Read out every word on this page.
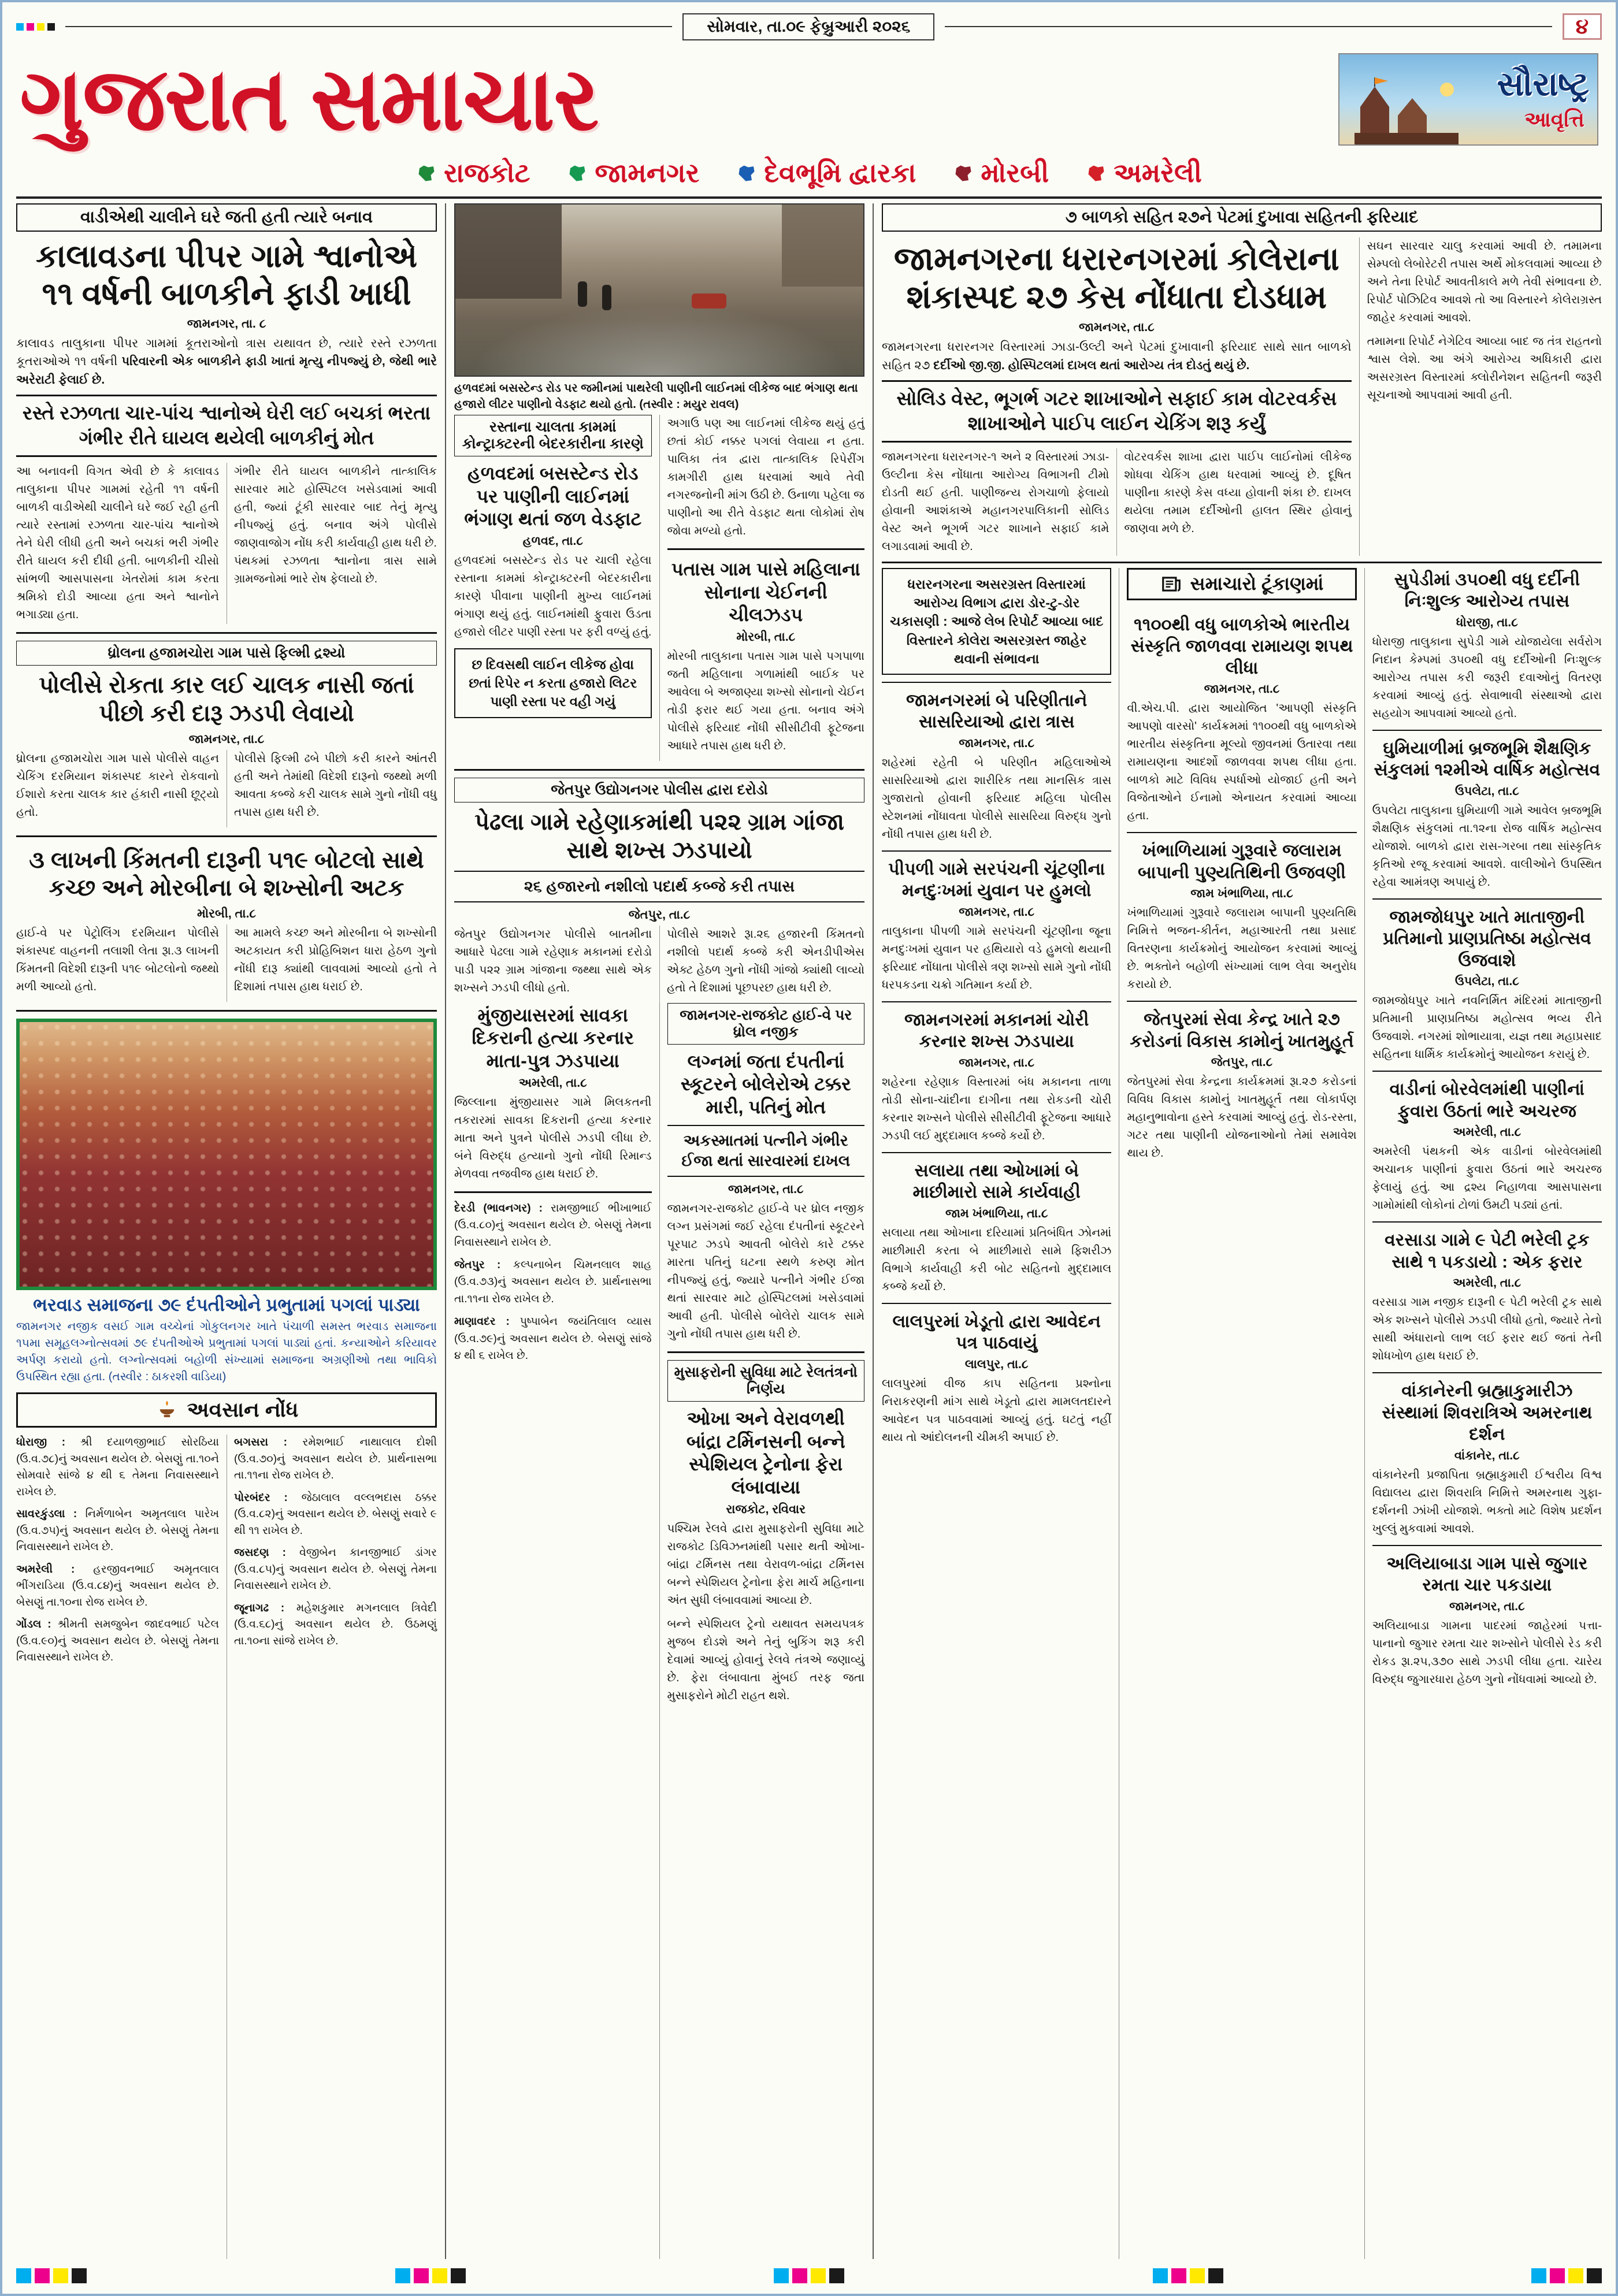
સોમવાર, તા.૦૯ ફેબ્રુઆરી ૨૦૨૬	૪
ગુજરાત સમાચાર	સૌરાષ્ટ્ર
આવૃત્તિ
રાજકોટ જામનગર દેવભૂમિ દ્વારકા મોરબી અમરેલી
વાડીએથી ચાલીને ઘરે જતી હતી ત્યારે બનાવ
કાલાવડના પીપર ગામે શ્વાનોએ ૧૧ વર્ષની બાળકીને ફાડી ખાધી
જામનગર, તા. ૮

કાલાવડ તાલુકાના પીપર ગામમાં કૂતરાઓનો ત્રાસ યથાવત છે, ત્યારે રસ્તે રઝળતા કૂતરાઓએ ૧૧ વર્ષની પરિવારની એક બાળકીને ફાડી ખાતાં મૃત્યુ નીપજ્યું છે, જેથી ભારે અરેરાટી ફેલાઈ છે.

રસ્તે રઝળતા ચાર-પાંચ શ્વાનોએ ઘેરી લઈ બચકાં ભરતા ગંભીર રીતે ઘાયલ થયેલી બાળકીનું મોત

આ બનાવની વિગત એવી છે કે કાલાવડ તાલુકાના પીપર ગામમાં રહેતી ૧૧ વર્ષની બાળકી વાડીએથી ચાલીને ઘરે જઈ રહી હતી ત્યારે રસ્તામાં રઝળતા ચાર-પાંચ શ્વાનોએ તેને ઘેરી લીધી હતી અને બચકાં ભરી ગંભીર રીતે ઘાયલ કરી દીધી હતી. બાળકીની ચીસો સાંભળી આસપાસના ખેતરોમાં કામ કરતા શ્રમિકો દોડી આવ્યા હતા અને શ્વાનોને ભગાડ્યા હતા.

ગંભીર રીતે ઘાયલ બાળકીને તાત્કાલિક સારવાર માટે હોસ્પિટલ ખસેડવામાં આવી હતી, જ્યાં ટૂંકી સારવાર બાદ તેનું મૃત્યુ નીપજ્યું હતું. બનાવ અંગે પોલીસે જાણવાજોગ નોંધ કરી કાર્યવાહી હાથ ધરી છે. પંથકમાં રઝળતા શ્વાનોના ત્રાસ સામે ગ્રામજનોમાં ભારે રોષ ફેલાયો છે.

ધ્રોલના હજામચોરા ગામ પાસે ફિલ્મી દ્રશ્યો
પોલીસે રોકતા કાર લઈ ચાલક નાસી જતાં પીછો કરી દારૂ ઝડપી લેવાયો
જામનગર, તા.૮

ધ્રોલના હજામચોરા ગામ પાસે પોલીસે વાહન ચેકિંગ દરમિયાન શંકાસ્પદ કારને રોકવાનો ઈશારો કરતા ચાલક કાર હંકારી નાસી છૂટ્યો હતો.

પોલીસે ફિલ્મી ઢબે પીછો કરી કારને આંતરી હતી અને તેમાંથી વિદેશી દારૂનો જથ્થો મળી આવતા કબ્જે કરી ચાલક સામે ગુનો નોંધી વધુ તપાસ હાથ ધરી છે.

૩ લાખની કિંમતની દારૂની ૫૧૯ બોટલો સાથે કચ્છ અને મોરબીના બે શખ્સોની અટક
મોરબી, તા.૮

હાઈ-વે પર પેટ્રોલિંગ દરમિયાન પોલીસે શંકાસ્પદ વાહનની તલાશી લેતા રૂા.૩ લાખની કિંમતની વિદેશી દારૂની ૫૧૯ બોટલોનો જથ્થો મળી આવ્યો હતો.

આ મામલે કચ્છ અને મોરબીના બે શખ્સોની અટકાયત કરી પ્રોહિબિશન ધારા હેઠળ ગુનો નોંધી દારૂ ક્યાંથી લાવવામાં આવ્યો હતો તે દિશામાં તપાસ હાથ ધરાઈ છે.

ભરવાડ સમાજના ૭૯ દંપતીઓને પ્રભુતામાં પગલાં પાડ્યા
જામનગર નજીક વસઈ ગામ વચ્ચેનાં ગોકુલનગર ખાતે પંચાળી સમસ્ત ભરવાડ સમાજના ૧૫મા સમૂહલગ્નોત્સવમાં ૭૯ દંપતીઓએ પ્રભુતામાં પગલાં પાડ્યાં હતાં. કન્યાઓને કરિયાવર અર્પણ કરાયો હતો. લગ્નોત્સવમાં બહોળી સંખ્યામાં સમાજના અગ્રણીઓ તથા ભાવિકો ઉપસ્થિત રહ્યા હતા. (તસ્વીર : ઠાકરશી વાડિયા)
અવસાન નોંધ

ધોરાજી : શ્રી દયાળજીભાઈ સોરઠિયા (ઉ.વ.૭૮)નું અવસાન થયેલ છે. બેસણું તા.૧૦ને સોમવારે સાંજે ૪ થી ૬ તેમના નિવાસસ્થાને રાખેલ છે.

સાવરકુંડલા : નિર્મળાબેન અમૃતલાલ પારેખ (ઉ.વ.૭૫)નું અવસાન થયેલ છે. બેસણું તેમના નિવાસસ્થાને રાખેલ છે.

અમરેલી : હરજીવનભાઈ અમૃતલાલ ભીંગરાડિયા (ઉ.વ.૮૪)નું અવસાન થયેલ છે. બેસણું તા.૧૦ના રોજ રાખેલ છે.

ગોંડલ : શ્રીમતી સમજુબેન જાદવભાઈ પટેલ (ઉ.વ.૯૦)નું અવસાન થયેલ છે. બેસણું તેમના નિવાસસ્થાને રાખેલ છે.

બગસરા : રમેશભાઈ નાથાલાલ દોશી (ઉ.વ.૭૦)નું અવસાન થયેલ છે. પ્રાર્થનાસભા તા.૧૧ના રોજ રાખેલ છે.

પોરબંદર : જેઠાલાલ વલ્લભદાસ ઠક્કર (ઉ.વ.૮૨)નું અવસાન થયેલ છે. બેસણું સવારે ૯ થી ૧૧ રાખેલ છે.

જસદણ : વેજીબેન કાનજીભાઈ ડાંગર (ઉ.વ.૮૫)નું અવસાન થયેલ છે. બેસણું તેમના નિવાસસ્થાને રાખેલ છે.

જૂનાગઢ : મહેશકુમાર મગનલાલ ત્રિવેદી (ઉ.વ.૬૮)નું અવસાન થયેલ છે. ઉઠમણું તા.૧૦ના સાંજે રાખેલ છે.

હળવદમાં બસસ્ટેન્ડ રોડ પર જમીનમાં પાથરેલી પાણીની લાઈનમાં લીકેજ બાદ ભંગાણ થતા હજારો લીટર પાણીનો વેડફાટ થયો હતો. (તસ્વીર : મયુર રાવલ)
રસ્તાના ચાલતા કામમાં કોન્ટ્રાક્ટરની બેદરકારીના કારણે
હળવદમાં બસસ્ટેન્ડ રોડ પર પાણીની લાઈનમાં ભંગાણ થતાં જળ વેડફાટ
હળવદ, તા.૮

હળવદમાં બસસ્ટેન્ડ રોડ પર ચાલી રહેલા રસ્તાના કામમાં કોન્ટ્રાક્ટરની બેદરકારીના કારણે પીવાના પાણીની મુખ્ય લાઈનમાં ભંગાણ થયું હતું. લાઈનમાંથી ફુવારા ઉડતા હજારો લીટર પાણી રસ્તા પર ફરી વળ્યું હતું.

છ દિવસથી લાઈન લીકેજ હોવા છતાં રિપેર ન કરતા હજારો લિટર પાણી રસ્તા પર વહી ગયું

અગાઉ પણ આ લાઈનમાં લીકેજ થયું હતું છતાં કોઈ નક્કર પગલાં લેવાયા ન હતા. પાલિકા તંત્ર દ્વારા તાત્કાલિક રિપેરીંગ કામગીરી હાથ ધરવામાં આવે તેવી નગરજનોની માંગ ઉઠી છે. ઉનાળા પહેલા જ પાણીનો આ રીતે વેડફાટ થતા લોકોમાં રોષ જોવા મળ્યો હતો.

પતાસ ગામ પાસે મહિલાના સોનાના ચેઈનની ચીલઝડપ
મોરબી, તા.૮

મોરબી તાલુકાના પતાસ ગામ પાસે પગપાળા જતી મહિલાના ગળામાંથી બાઈક પર આવેલા બે અજાણ્યા શખ્સો સોનાનો ચેઈન તોડી ફરાર થઈ ગયા હતા. બનાવ અંગે પોલીસે ફરિયાદ નોંધી સીસીટીવી ફૂટેજના આધારે તપાસ હાથ ધરી છે.

જેતપુર ઉદ્યોગનગર પોલીસ દ્વારા દરોડો
પેઢલા ગામે રહેણાકમાંથી ૫૨૨ ગ્રામ ગાંજા સાથે શખ્સ ઝડપાયો
૨૬ હજારનો નશીલો પદાર્થ કબ્જે કરી તપાસ
જેતપુર, તા.૮

જેતપુર ઉદ્યોગનગર પોલીસે બાતમીના આધારે પેઢલા ગામે રહેણાક મકાનમાં દરોડો પાડી ૫૨૨ ગ્રામ ગાંજાના જથ્થા સાથે એક શખ્સને ઝડપી લીધો હતો.

પોલીસે આશરે રૂા.૨૬ હજારની કિંમતનો નશીલો પદાર્થ કબ્જે કરી એનડીપીએસ એક્ટ હેઠળ ગુનો નોંધી ગાંજો ક્યાંથી લાવ્યો હતો તે દિશામાં પૂછપરછ હાથ ધરી છે.

મુંજીયાસરમાં સાવકા દિકરાની હત્યા કરનાર માતા-પુત્ર ઝડપાયા
અમરેલી, તા.૮

જિલ્લાના મુંજીયાસર ગામે મિલકતની તકરારમાં સાવકા દિકરાની હત્યા કરનાર માતા અને પુત્રને પોલીસે ઝડપી લીધા છે. બંને વિરુદ્ધ હત્યાનો ગુનો નોંધી રિમાન્ડ મેળવવા તજવીજ હાથ ધરાઈ છે.

દેરડી (ભાવનગર) : રામજીભાઈ ભીખાભાઈ (ઉ.વ.૮૦)નું અવસાન થયેલ છે. બેસણું તેમના નિવાસસ્થાને રાખેલ છે.

જેતપુર : કલ્પનાબેન ચિમનલાલ શાહ (ઉ.વ.૭૩)નું અવસાન થયેલ છે. પ્રાર્થનાસભા તા.૧૧ના રોજ રાખેલ છે.

માણાવદર : પુષ્પાબેન જયંતિલાલ વ્યાસ (ઉ.વ.૭૯)નું અવસાન થયેલ છે. બેસણું સાંજે ૪ થી ૬ રાખેલ છે.

જામનગર-રાજકોટ હાઈ-વે પર ધ્રોલ નજીક
લગ્નમાં જતા દંપતીનાં સ્કૂટરને બોલેરોએ ટક્કર મારી, પતિનું મોત
અકસ્માતમાં પત્નીને ગંભીર ઈજા થતાં સારવારમાં દાખલ
જામનગર, તા.૮

જામનગર-રાજકોટ હાઈ-વે પર ધ્રોલ નજીક લગ્ન પ્રસંગમાં જઈ રહેલા દંપતીનાં સ્કૂટરને પૂરપાટ ઝડપે આવતી બોલેરો કારે ટક્કર મારતા પતિનું ઘટના સ્થળે કરુણ મોત નીપજ્યું હતું, જ્યારે પત્નીને ગંભીર ઈજા થતાં સારવાર માટે હોસ્પિટલમાં ખસેડવામાં આવી હતી. પોલીસે બોલેરો ચાલક સામે ગુનો નોંધી તપાસ હાથ ધરી છે.

મુસાફરોની સુવિધા માટે રેલતંત્રનો નિર્ણય
ઓખા અને વેરાવળથી બાંદ્રા ટર્મિનસની બન્ને સ્પેશિયલ ટ્રેનોના ફેરા લંબાવાયા
રાજકોટ, રવિવાર

પશ્ચિમ રેલવે દ્વારા મુસાફરોની સુવિધા માટે રાજકોટ ડિવિઝનમાંથી પસાર થતી ઓખા-બાંદ્રા ટર્મિનસ તથા વેરાવળ-બાંદ્રા ટર્મિનસ બન્ને સ્પેશિયલ ટ્રેનોના ફેરા માર્ચ મહિનાના અંત સુધી લંબાવવામાં આવ્યા છે.

બન્ને સ્પેશિયલ ટ્રેનો યથાવત સમયપત્રક મુજબ દોડશે અને તેનું બુકિંગ શરૂ કરી દેવામાં આવ્યું હોવાનું રેલવે તંત્રએ જણાવ્યું છે. ફેરા લંબાવાતા મુંબઈ તરફ જતા મુસાફરોને મોટી રાહત થશે.

૭ બાળકો સહિત ૨૭ને પેટમાં દુખાવા સહિતની ફરિયાદ
જામનગરના ધરારનગરમાં કોલેરાના શંકાસ્પદ ૨૭ કેસ નોંધાતા દોડધામ
જામનગર, તા.૮

જામનગરના ધરારનગર વિસ્તારમાં ઝાડા-ઉલ્ટી અને પેટમાં દુખાવાની ફરિયાદ સાથે સાત બાળકો સહિત ૨૭ દર્દીઓ જી.જી. હોસ્પિટલમાં દાખલ થતાં આરોગ્ય તંત્ર દોડતું થયું છે.

સોલિડ વેસ્ટ, ભૂગર્ભ ગટર શાખાઓને સફાઈ કામ વોટરવર્કસ શાખાઓને પાઈપ લાઈન ચેકિંગ શરૂ કર્યું

જામનગરના ધરારનગર-૧ અને ૨ વિસ્તારમાં ઝાડા-ઉલ્ટીના કેસ નોંધાતા આરોગ્ય વિભાગની ટીમો દોડતી થઈ હતી. પાણીજન્ય રોગચાળો ફેલાયો હોવાની આશંકાએ મહાનગરપાલિકાની સોલિડ વેસ્ટ અને ભૂગર્ભ ગટર શાખાને સફાઈ કામે લગાડવામાં આવી છે.

વોટરવર્કસ શાખા દ્વારા પાઈપ લાઈનોમાં લીકેજ શોધવા ચેકિંગ હાથ ધરવામાં આવ્યું છે. દૂષિત પાણીના કારણે કેસ વધ્યા હોવાની શંકા છે. દાખલ થયેલા તમામ દર્દીઓની હાલત સ્થિર હોવાનું જાણવા મળે છે.

સઘન સારવાર ચાલુ કરવામાં આવી છે. તમામના સેમ્પલો લેબોરેટરી તપાસ અર્થે મોકલવામાં આવ્યા છે અને તેના રિપોર્ટ આવતીકાલે મળે તેવી સંભાવના છે. રિપોર્ટ પોઝિટિવ આવશે તો આ વિસ્તારને કોલેરાગ્રસ્ત જાહેર કરવામાં આવશે.

તમામના રિપોર્ટ નેગેટિવ આવ્યા બાદ જ તંત્ર રાહતનો શ્વાસ લેશે. આ અંગે આરોગ્ય અધિકારી દ્વારા અસરગ્રસ્ત વિસ્તારમાં ક્લોરીનેશન સહિતની જરૂરી સૂચનાઓ આપવામાં આવી હતી.

ધરારનગરના અસરગ્રસ્ત વિસ્તારમાં આરોગ્ય વિભાગ દ્વારા ડોર-ટુ-ડોર ચકાસણી : આજે લેબ રિપોર્ટ આવ્યા બાદ વિસ્તારને કોલેરા અસરગ્રસ્ત જાહેર થવાની સંભાવના
જામનગરમાં બે પરિણીતાને સાસરિયાઓ દ્વારા ત્રાસ
જામનગર, તા.૮

શહેરમાં રહેતી બે પરિણીત મહિલાઓએ સાસરિયાઓ દ્વારા શારીરિક તથા માનસિક ત્રાસ ગુજારાતો હોવાની ફરિયાદ મહિલા પોલીસ સ્ટેશનમાં નોંધાવતા પોલીસે સાસરિયા વિરુદ્ધ ગુનો નોંધી તપાસ હાથ ધરી છે.

પીપળી ગામે સરપંચની ચૂંટણીના મનદુઃખમાં યુવાન પર હુમલો
જામનગર, તા.૮

તાલુકાના પીપળી ગામે સરપંચની ચૂંટણીના જૂના મનદુઃખમાં યુવાન પર હથિયારો વડે હુમલો થયાની ફરિયાદ નોંધાતા પોલીસે ત્રણ શખ્સો સામે ગુનો નોંધી ધરપકડના ચક્રો ગતિમાન કર્યા છે.

જામનગરમાં મકાનમાં ચોરી કરનાર શખ્સ ઝડપાયા
જામનગર, તા.૮

શહેરના રહેણાક વિસ્તારમાં બંધ મકાનના તાળા તોડી સોના-ચાંદીના દાગીના તથા રોકડની ચોરી કરનાર શખ્સને પોલીસે સીસીટીવી ફૂટેજના આધારે ઝડપી લઈ મુદ્દામાલ કબ્જે કર્યો છે.

સલાયા તથા ઓખામાં બે માછીમારો સામે કાર્યવાહી
જામ ખંભાળિયા, તા.૮

સલાયા તથા ઓખાના દરિયામાં પ્રતિબંધિત ઝોનમાં માછીમારી કરતા બે માછીમારો સામે ફિશરીઝ વિભાગે કાર્યવાહી કરી બોટ સહિતનો મુદ્દામાલ કબ્જે કર્યો છે.

લાલપુરમાં ખેડૂતો દ્વારા આવેદન પત્ર પાઠવાયું
લાલપુર, તા.૮

લાલપુરમાં વીજ કાપ સહિતના પ્રશ્નોના નિરાકરણની માંગ સાથે ખેડૂતો દ્વારા મામલતદારને આવેદન પત્ર પાઠવવામાં આવ્યું હતું. ઘટતું નહીં થાય તો આંદોલનની ચીમકી અપાઈ છે.

સમાચારો ટૂંકાણમાં
૧૧૦૦થી વધુ બાળકોએ ભારતીય સંસ્કૃતિ જાળવવા રામાયણ શપથ લીધા
જામનગર, તા.૮

વી.એચ.પી. દ્વારા આયોજિત 'આપણી સંસ્કૃતિ આપણો વારસો' કાર્યક્રમમાં ૧૧૦૦થી વધુ બાળકોએ ભારતીય સંસ્કૃતિના મૂલ્યો જીવનમાં ઉતારવા તથા રામાયણના આદર્શો જાળવવા શપથ લીધા હતા. બાળકો માટે વિવિધ સ્પર્ધાઓ યોજાઈ હતી અને વિજેતાઓને ઈનામો એનાયત કરવામાં આવ્યા હતા.

ખંભાળિયામાં ગુરૂવારે જલારામ બાપાની પુણ્યતિથિની ઉજવણી
જામ ખંભાળિયા, તા.૮

ખંભાળિયામાં ગુરૂવારે જલારામ બાપાની પુણ્યતિથિ નિમિત્તે ભજન-કીર્તન, મહાઆરતી તથા પ્રસાદ વિતરણના કાર્યક્રમોનું આયોજન કરવામાં આવ્યું છે. ભક્તોને બહોળી સંખ્યામાં લાભ લેવા અનુરોધ કરાયો છે.

જેતપુરમાં સેવા કેન્દ્ર ખાતે ૨૭ કરોડનાં વિકાસ કામોનું ખાતમુહૂર્ત
જેતપુર, તા.૮

જેતપુરમાં સેવા કેન્દ્રના કાર્યક્રમમાં રૂા.૨૭ કરોડનાં વિવિધ વિકાસ કામોનું ખાતમુહૂર્ત તથા લોકાર્પણ મહાનુભાવોના હસ્તે કરવામાં આવ્યું હતું. રોડ-રસ્તા, ગટર તથા પાણીની યોજનાઓનો તેમાં સમાવેશ થાય છે.

સુપેડીમાં ૩૫૦થી વધુ દર્દીની નિઃશુલ્ક આરોગ્ય તપાસ
ધોરાજી, તા.૮

ધોરાજી તાલુકાના સુપેડી ગામે યોજાયેલા સર્વરોગ નિદાન કેમ્પમાં ૩૫૦થી વધુ દર્દીઓની નિઃશુલ્ક આરોગ્ય તપાસ કરી જરૂરી દવાઓનું વિતરણ કરવામાં આવ્યું હતું. સેવાભાવી સંસ્થાઓ દ્વારા સહયોગ આપવામાં આવ્યો હતો.

ઘુમિયાળીમાં બ્રજભૂમિ શૈક્ષણિક સંકુલમાં ૧૨મીએ વાર્ષિક મહોત્સવ
ઉપલેટા, તા.૮

ઉપલેટા તાલુકાના ઘુમિયાળી ગામે આવેલ બ્રજભૂમિ શૈક્ષણિક સંકુલમાં તા.૧૨ના રોજ વાર્ષિક મહોત્સવ યોજાશે. બાળકો દ્વારા રાસ-ગરબા તથા સાંસ્કૃતિક કૃતિઓ રજૂ કરવામાં આવશે. વાલીઓને ઉપસ્થિત રહેવા આમંત્રણ અપાયું છે.

જામજોધપુર ખાતે માતાજીની પ્રતિમાનો પ્રાણપ્રતિષ્ઠા મહોત્સવ ઉજવાશે
ઉપલેટા, તા.૮

જામજોધપુર ખાતે નવનિર્મિત મંદિરમાં માતાજીની પ્રતિમાની પ્રાણપ્રતિષ્ઠા મહોત્સવ ભવ્ય રીતે ઉજવાશે. નગરમાં શોભાયાત્રા, યજ્ઞ તથા મહાપ્રસાદ સહિતના ધાર્મિક કાર્યક્રમોનું આયોજન કરાયું છે.

વાડીનાં બોરવેલમાંથી પાણીનાં ફુવારા ઉઠતાં ભારે અચરજ
અમરેલી, તા.૮

અમરેલી પંથકની એક વાડીનાં બોરવેલમાંથી અચાનક પાણીનાં ફુવારા ઉઠતાં ભારે અચરજ ફેલાયું હતું. આ દ્રશ્ય નિહાળવા આસપાસના ગામોમાંથી લોકોનાં ટોળાં ઉમટી પડ્યાં હતાં.

વરસાડા ગામે ૯ પેટી ભરેલી ટ્રક સાથે ૧ પકડાયો : એક ફરાર
અમરેલી, તા.૮

વરસાડા ગામ નજીક દારૂની ૯ પેટી ભરેલી ટ્રક સાથે એક શખ્સને પોલીસે ઝડપી લીધો હતો, જ્યારે તેનો સાથી અંધારાનો લાભ લઈ ફરાર થઈ જતાં તેની શોધખોળ હાથ ધરાઈ છે.

વાંકાનેરની બ્રહ્માકુમારીઝ સંસ્થામાં શિવરાત્રિએ અમરનાથ દર્શન
વાંકાનેર, તા.૮

વાંકાનેરની પ્રજાપિતા બ્રહ્માકુમારી ઈશ્વરીય વિશ્વ વિદ્યાલય દ્વારા શિવરાત્રિ નિમિત્તે અમરનાથ ગુફા-દર્શનની ઝાંખી યોજાશે. ભક્તો માટે વિશેષ પ્રદર્શન ખુલ્લું મુકવામાં આવશે.

અલિયાબાડા ગામ પાસે જુગાર રમતા ચાર પકડાયા
જામનગર, તા.૮

અલિયાબાડા ગામના પાદરમાં જાહેરમાં પત્તા-પાનાનો જુગાર રમતા ચાર શખ્સોને પોલીસે રેડ કરી રોકડ રૂા.૨૫,૩૭૦ સાથે ઝડપી લીધા હતા. ચારેય વિરુદ્ધ જુગારધારા હેઠળ ગુનો નોંધવામાં આવ્યો છે.
